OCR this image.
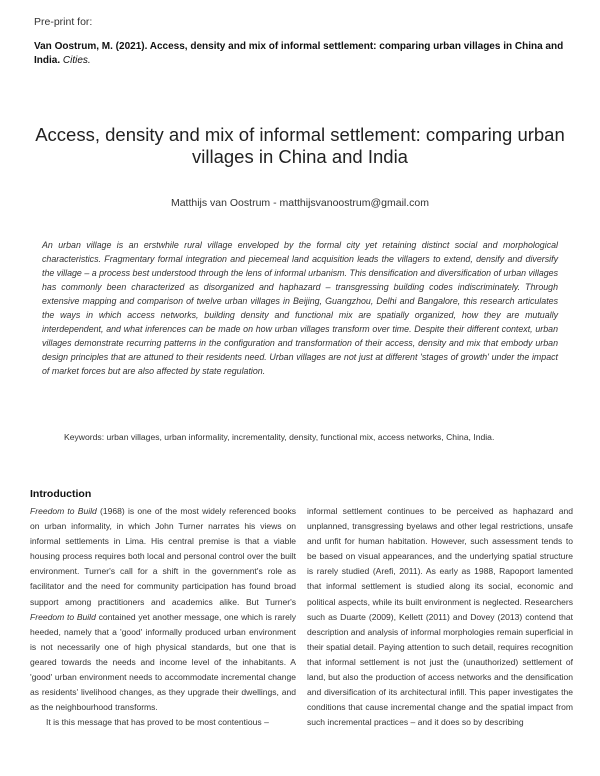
Pre-print for:
Van Oostrum, M. (2021). Access, density and mix of informal settlement: comparing urban villages in China and India. Cities.
Access, density and mix of informal settlement: comparing urban villages in China and India
Matthijs van Oostrum - matthijsvanoostrum@gmail.com

An urban village is an erstwhile rural village enveloped by the formal city yet retaining distinct social and morphological characteristics. Fragmentary formal integration and piecemeal land acquisition leads the villagers to extend, densify and diversify the village – a process best understood through the lens of informal urbanism. This densification and diversification of urban villages has commonly been characterized as disorganized and haphazard – transgressing building codes indiscriminately. Through extensive mapping and comparison of twelve urban villages in Beijing, Guangzhou, Delhi and Bangalore, this research articulates the ways in which access networks, building density and functional mix are spatially organized, how they are mutually interdependent, and what inferences can be made on how urban villages transform over time. Despite their different context, urban villages demonstrate recurring patterns in the configuration and transformation of their access, density and mix that embody urban design principles that are attuned to their residents need. Urban villages are not just at different 'stages of growth' under the impact of market forces but are also affected by state regulation.

Keywords: urban villages, urban informality, incrementality, density, functional mix, access networks, China, India.
Introduction

Freedom to Build (1968) is one of the most widely referenced books on urban informality, in which John Turner narrates his views on informal settlements in Lima. His central premise is that a viable housing process requires both local and personal control over the built environment. Turner's call for a shift in the government's role as facilitator and the need for community participation has found broad support among practitioners and academics alike. But Turner's Freedom to Build contained yet another message, one which is rarely heeded, namely that a 'good' informally produced urban environment is not necessarily one of high physical standards, but one that is geared towards the needs and income level of the inhabitants. A 'good' urban environment needs to accommodate incremental change as residents' livelihood changes, as they upgrade their dwellings, and as the neighbourhood transforms.

It is this message that has proved to be most contentious –

informal settlement continues to be perceived as haphazard and unplanned, transgressing byelaws and other legal restrictions, unsafe and unfit for human habitation. However, such assessment tends to be based on visual appearances, and the underlying spatial structure is rarely studied (Arefi, 2011). As early as 1988, Rapoport lamented that informal settlement is studied along its social, economic and political aspects, while its built environment is neglected. Researchers such as Duarte (2009), Kellett (2011) and Dovey (2013) contend that description and analysis of informal morphologies remain superficial in their spatial detail. Paying attention to such detail, requires recognition that informal settlement is not just the (unauthorized) settlement of land, but also the production of access networks and the densification and diversification of its architectural infill. This paper investigates the conditions that cause incremental change and the spatial impact from such incremental practices – and it does so by describing
